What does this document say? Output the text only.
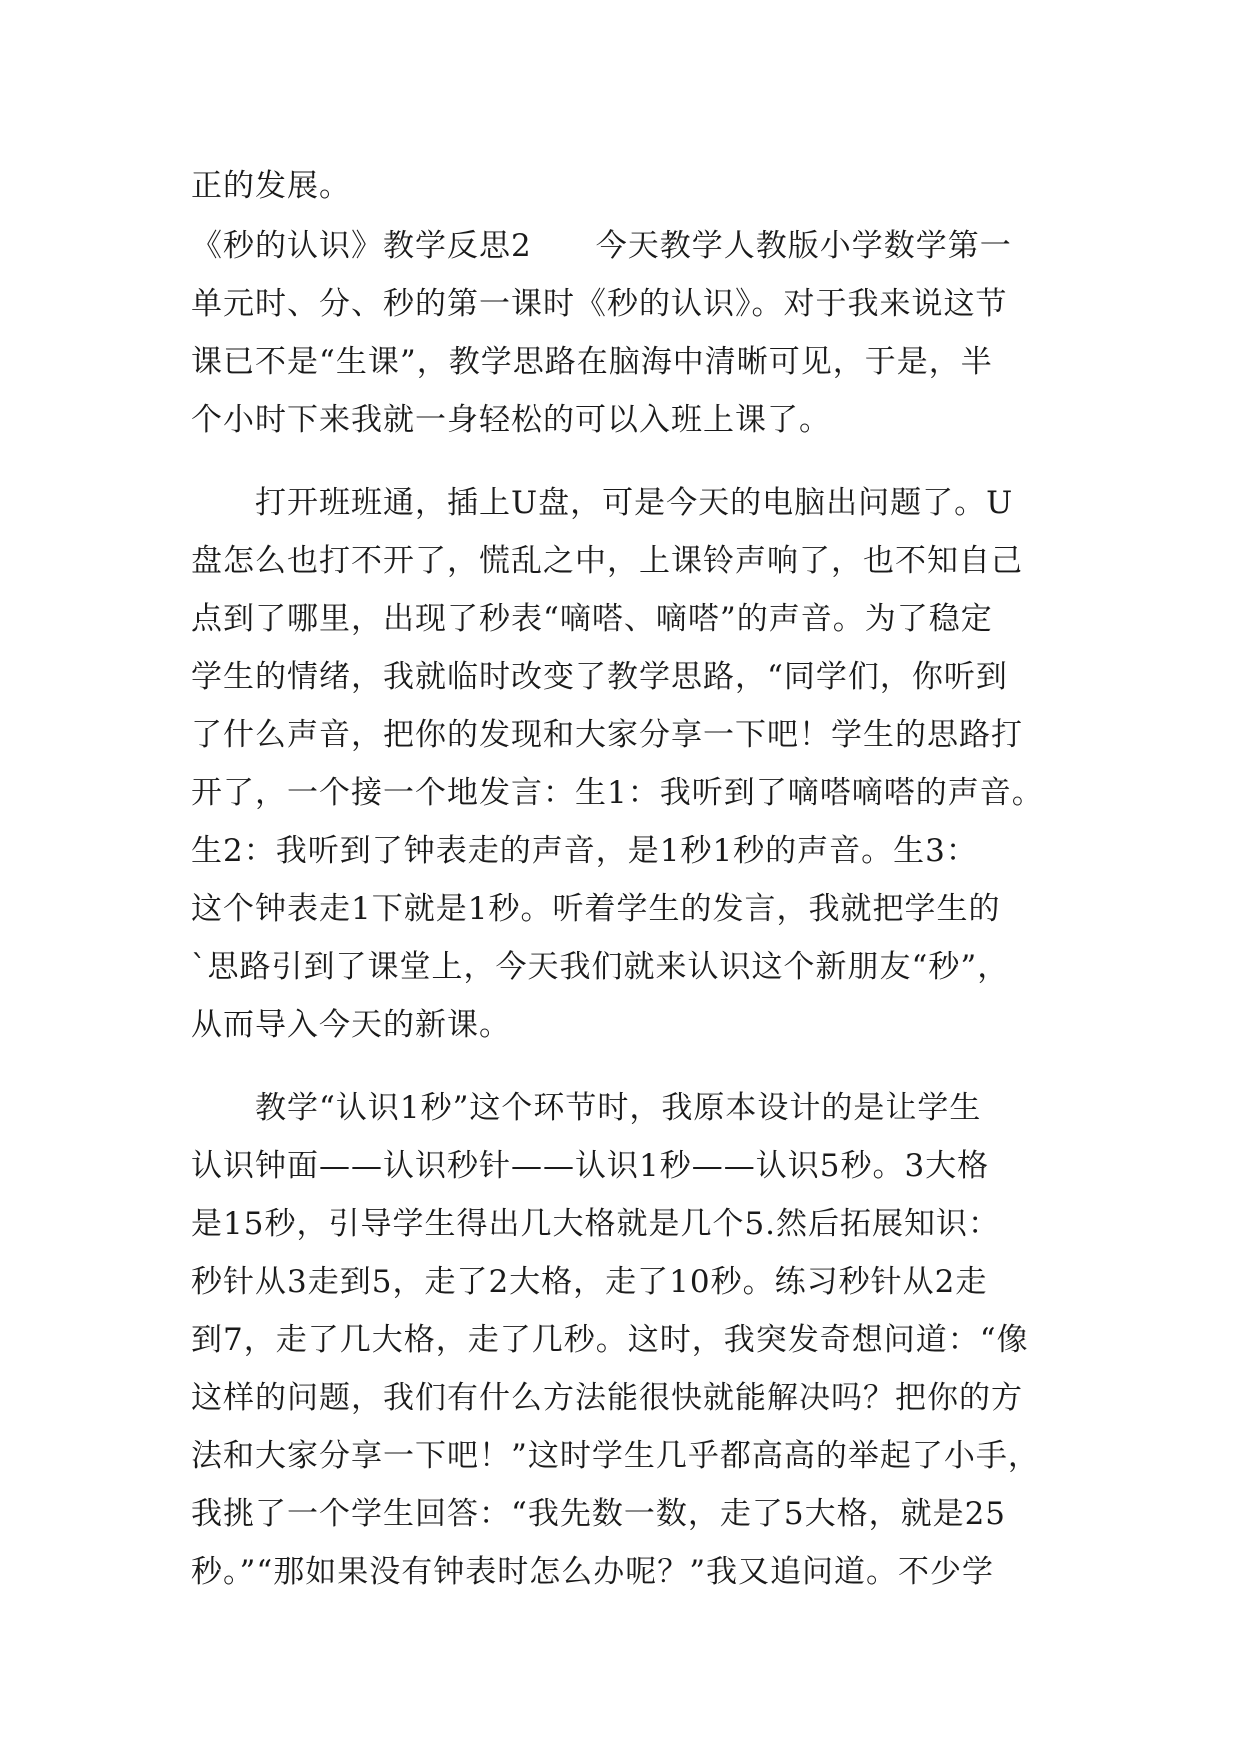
正的发展。
《秒的认识》教学反思2　　今天教学人教版小学数学第一
单元时、分、秒的第一课时《秒的认识》。对于我来说这节
课已不是“生课”，教学思路在脑海中清晰可见，于是，半
个小时下来我就一身轻松的可以入班上课了。
　　打开班班通，插上U盘，可是今天的电脑出问题了。U
盘怎么也打不开了，慌乱之中，上课铃声响了，也不知自己
点到了哪里，出现了秒表“嘀嗒、嘀嗒”的声音。为了稳定
学生的情绪，我就临时改变了教学思路，“同学们，你听到
了什么声音，把你的发现和大家分享一下吧！学生的思路打
开了，一个接一个地发言：生1：我听到了嘀嗒嘀嗒的声音。
生2：我听到了钟表走的声音，是1秒1秒的声音。生3：
这个钟表走1下就是1秒。听着学生的发言，我就把学生的
`思路引到了课堂上，今天我们就来认识这个新朋友“秒”，
从而导入今天的新课。
　　教学“认识1秒”这个环节时，我原本设计的是让学生
认识钟面——认识秒针——认识1秒——认识5秒。3大格
是15秒，引导学生得出几大格就是几个5.然后拓展知识：
秒针从3走到5，走了2大格，走了10秒。练习秒针从2走
到7，走了几大格，走了几秒。这时，我突发奇想问道：“像
这样的问题，我们有什么方法能很快就能解决吗？把你的方
法和大家分享一下吧！”这时学生几乎都高高的举起了小手，
我挑了一个学生回答：“我先数一数，走了5大格，就是25
秒。”“那如果没有钟表时怎么办呢？”我又追问道。不少学
